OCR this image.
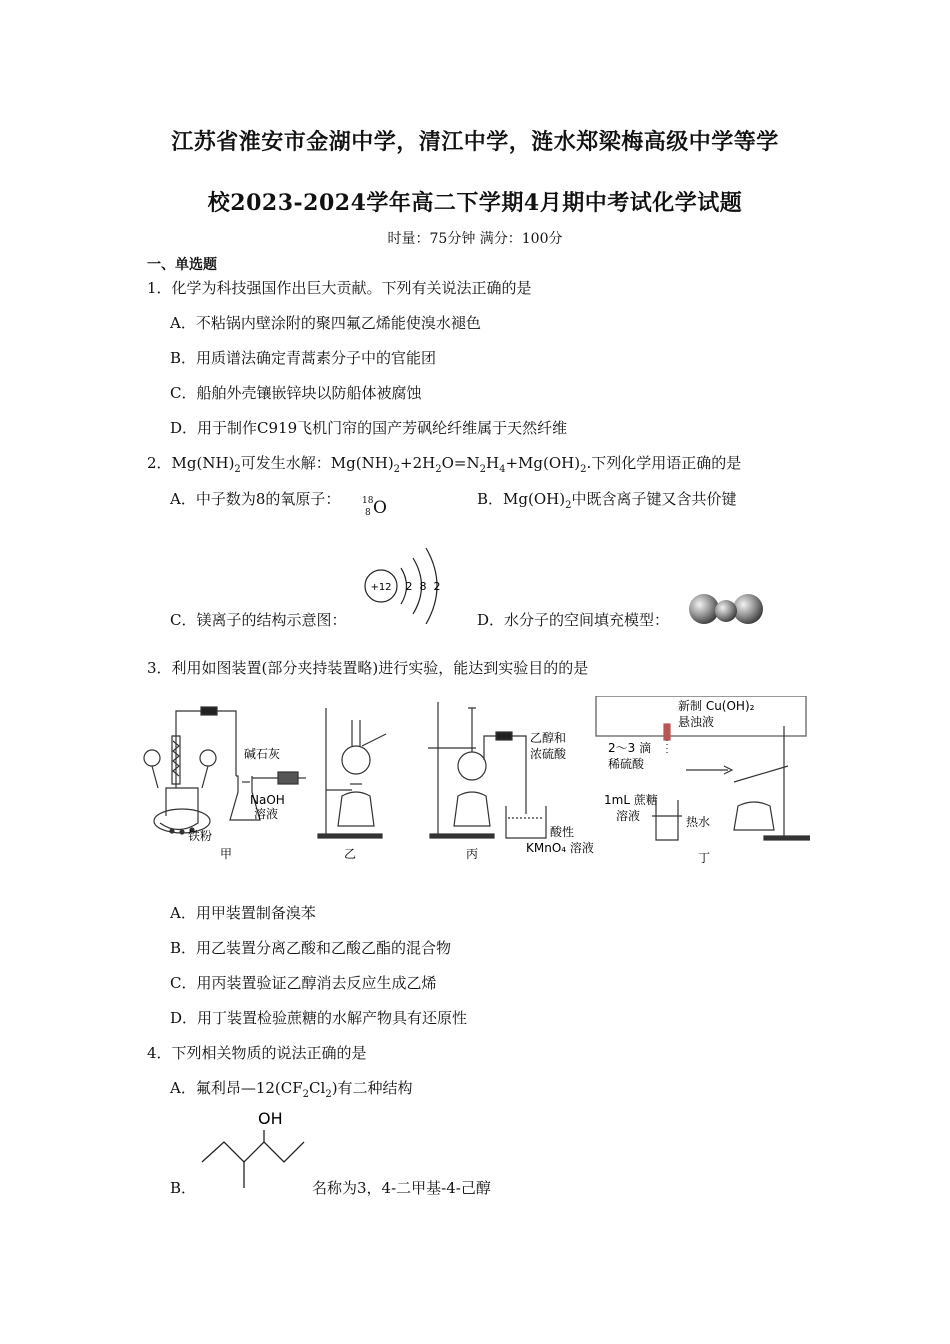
江苏省淮安市金湖中学，清江中学，涟水郑梁梅高级中学等学
校2023-2024学年高二下学期4月期中考试化学试题
时量：75分钟 满分：100分
一、单选题
1．化学为科技强国作出巨大贡献。下列有关说法正确的是
A．不粘锅内壁涂附的聚四氟乙烯能使溴水褪色
B．用质谱法确定青蒿素分子中的官能团
C．船舶外壳镶嵌锌块以防船体被腐蚀
D．用于制作C919飞机门帘的国产芳砜纶纤维属于天然纤维
2．$Mg(NH)_2$可发生水解：$Mg(NH)_2+2H_2O=N_2H_4+Mg(OH)_2$.下列化学用语正确的是
A．中子数为8的氧原子： 18
8 O	B．$Mg(OH)_2$中既含离子键又含共价键
+12 2 8 2
C．镁离子的结构示意图：	D．水分子的空间填充模型：
3．利用如图装置(部分夹持装置略)进行实验，能达到实验目的的是
甲	乙	丙	丁
碱石灰
NaOH
溶液
铁粉
乙醇和
浓硫酸
酸性
KMnO₄ 溶液
2～3 滴
稀硫酸
1mL 蔗糖
溶液	热水
新制 Cu(OH)₂
悬浊液
A．用甲装置制备溴苯
B．用乙装置分离乙酸和乙酸乙酯的混合物
C．用丙装置验证乙醇消去反应生成乙烯
D．用丁装置检验蔗糖的水解产物具有还原性
4．下列相关物质的说法正确的是
A．氟利昂$—12(CF_2Cl_2)$有二种结构
OH
B．	名称为3，4-二甲基-4-己醇
